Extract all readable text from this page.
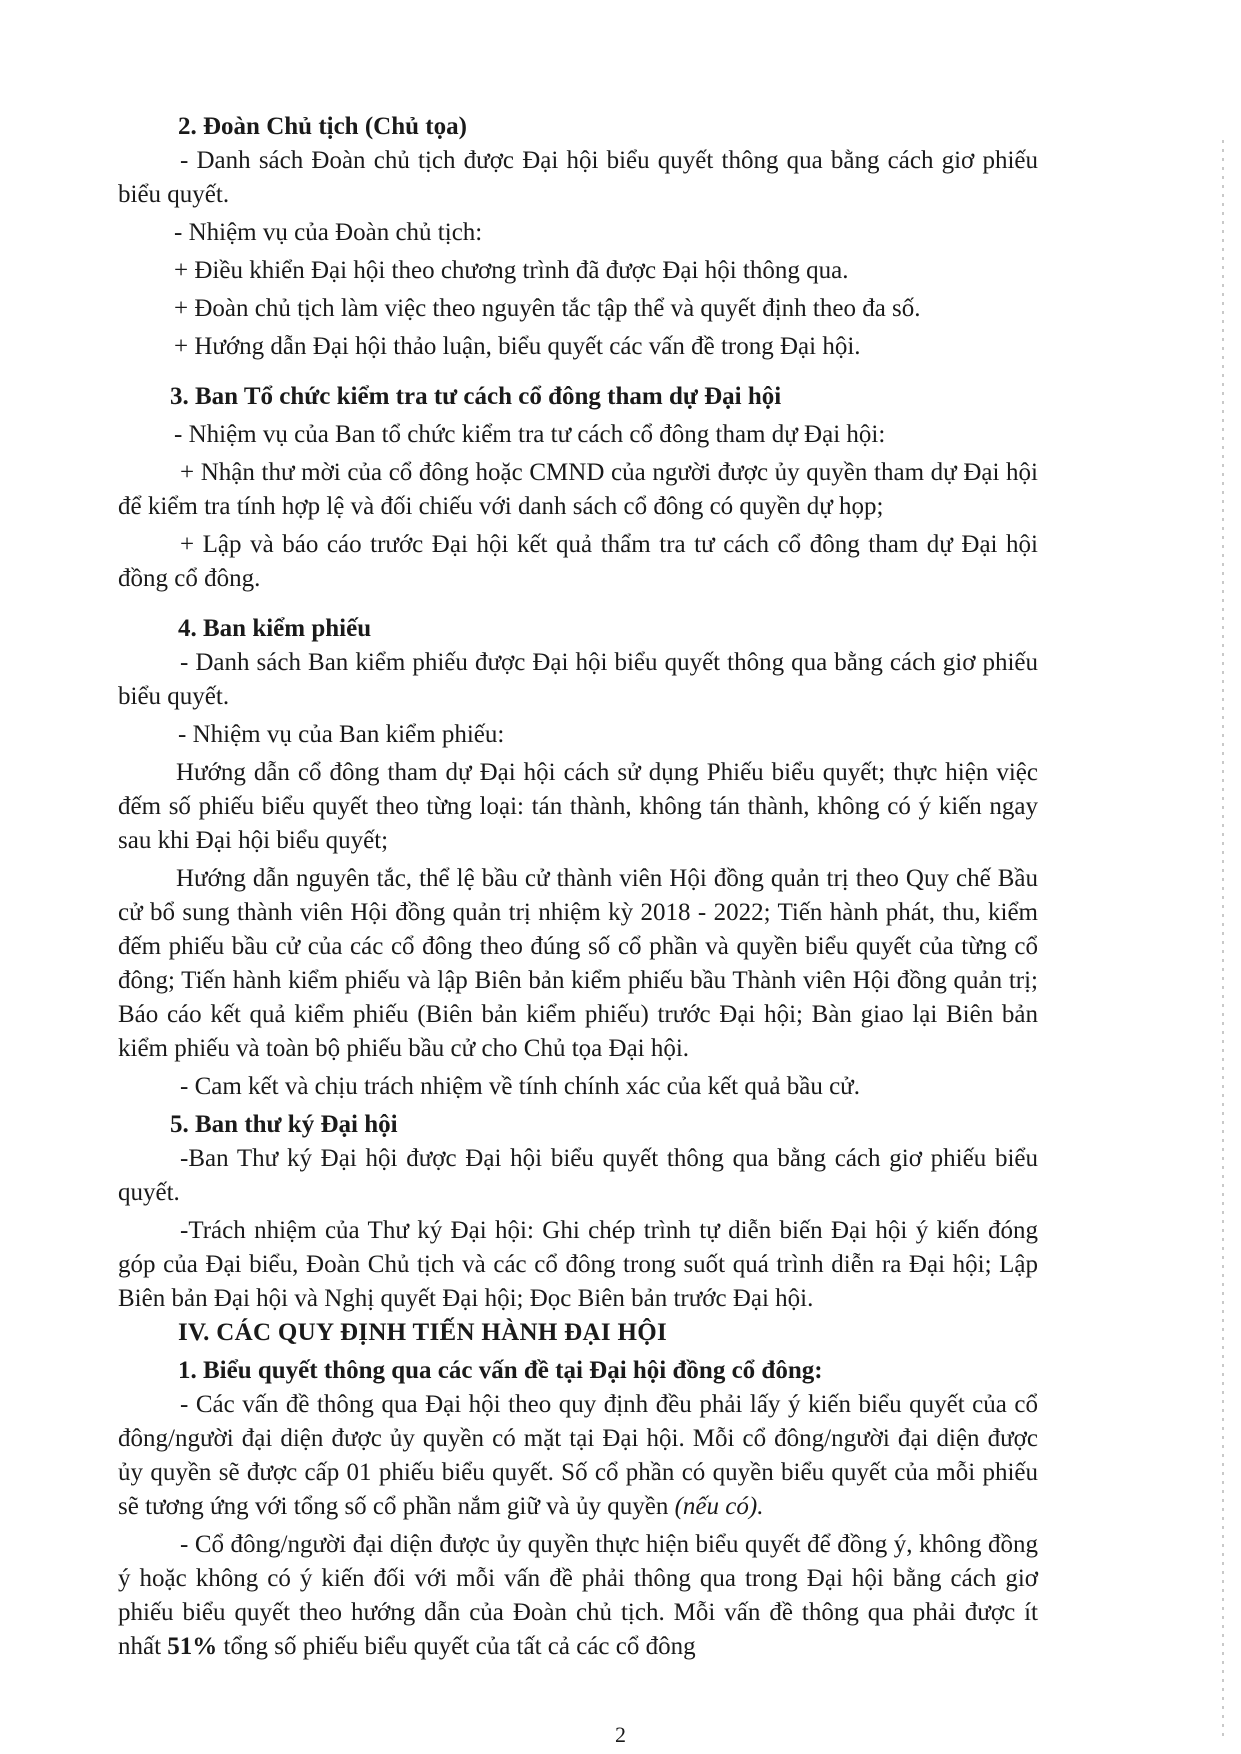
2. Đoàn Chủ tịch (Chủ tọa)

- Danh sách Đoàn chủ tịch được Đại hội biểu quyết thông qua bằng cách giơ phiếu biểu quyết.

- Nhiệm vụ của Đoàn chủ tịch:

+ Điều khiển Đại hội theo chương trình đã được Đại hội thông qua.

+ Đoàn chủ tịch làm việc theo nguyên tắc tập thể và quyết định theo đa số.

+ Hướng dẫn Đại hội thảo luận, biểu quyết các vấn đề trong Đại hội.

3. Ban Tổ chức kiểm tra tư cách cổ đông tham dự Đại hội

- Nhiệm vụ của Ban tổ chức kiểm tra tư cách cổ đông tham dự Đại hội:

+ Nhận thư mời của cổ đông hoặc CMND của người được ủy quyền tham dự Đại hội để kiểm tra tính hợp lệ và đối chiếu với danh sách cổ đông có quyền dự họp;

+ Lập và báo cáo trước Đại hội kết quả thẩm tra tư cách cổ đông tham dự Đại hội đồng cổ đông.

4. Ban kiểm phiếu

- Danh sách Ban kiểm phiếu được Đại hội biểu quyết thông qua bằng cách giơ phiếu biểu quyết.

- Nhiệm vụ của Ban kiểm phiếu:

Hướng dẫn cổ đông tham dự Đại hội cách sử dụng Phiếu biểu quyết; thực hiện việc đếm số phiếu biểu quyết theo từng loại: tán thành, không tán thành, không có ý kiến ngay sau khi Đại hội biểu quyết;

Hướng dẫn nguyên tắc, thể lệ bầu cử thành viên Hội đồng quản trị theo Quy chế Bầu cử bổ sung thành viên Hội đồng quản trị nhiệm kỳ 2018 - 2022; Tiến hành phát, thu, kiểm đếm phiếu bầu cử của các cổ đông theo đúng số cổ phần và quyền biểu quyết của từng cổ đông; Tiến hành kiểm phiếu và lập Biên bản kiểm phiếu bầu Thành viên Hội đồng quản trị; Báo cáo kết quả kiểm phiếu (Biên bản kiểm phiếu) trước Đại hội; Bàn giao lại Biên bản kiểm phiếu và toàn bộ phiếu bầu cử cho Chủ tọa Đại hội.

- Cam kết và chịu trách nhiệm về tính chính xác của kết quả bầu cử.

5. Ban thư ký Đại hội

-Ban Thư ký Đại hội được Đại hội biểu quyết thông qua bằng cách giơ phiếu biểu quyết.

-Trách nhiệm của Thư ký Đại hội: Ghi chép trình tự diễn biến Đại hội ý kiến đóng góp của Đại biểu, Đoàn Chủ tịch và các cổ đông trong suốt quá trình diễn ra Đại hội; Lập Biên bản Đại hội và Nghị quyết Đại hội; Đọc Biên bản trước Đại hội.

IV. CÁC QUY ĐỊNH TIẾN HÀNH ĐẠI HỘI

1. Biểu quyết thông qua các vấn đề tại Đại hội đồng cổ đông:

- Các vấn đề thông qua Đại hội theo quy định đều phải lấy ý kiến biểu quyết của cổ đông/người đại diện được ủy quyền có mặt tại Đại hội. Mỗi cổ đông/người đại diện được ủy quyền sẽ được cấp 01 phiếu biểu quyết. Số cổ phần có quyền biểu quyết của mỗi phiếu sẽ tương ứng với tổng số cổ phần nắm giữ và ủy quyền (nếu có).

- Cổ đông/người đại diện được ủy quyền thực hiện biểu quyết để đồng ý, không đồng ý hoặc không có ý kiến đối với mỗi vấn đề phải thông qua trong Đại hội bằng cách giơ phiếu biểu quyết theo hướng dẫn của Đoàn chủ tịch. Mỗi vấn đề thông qua phải được ít nhất 51% tổng số phiếu biểu quyết của tất cả các cổ đông

2
